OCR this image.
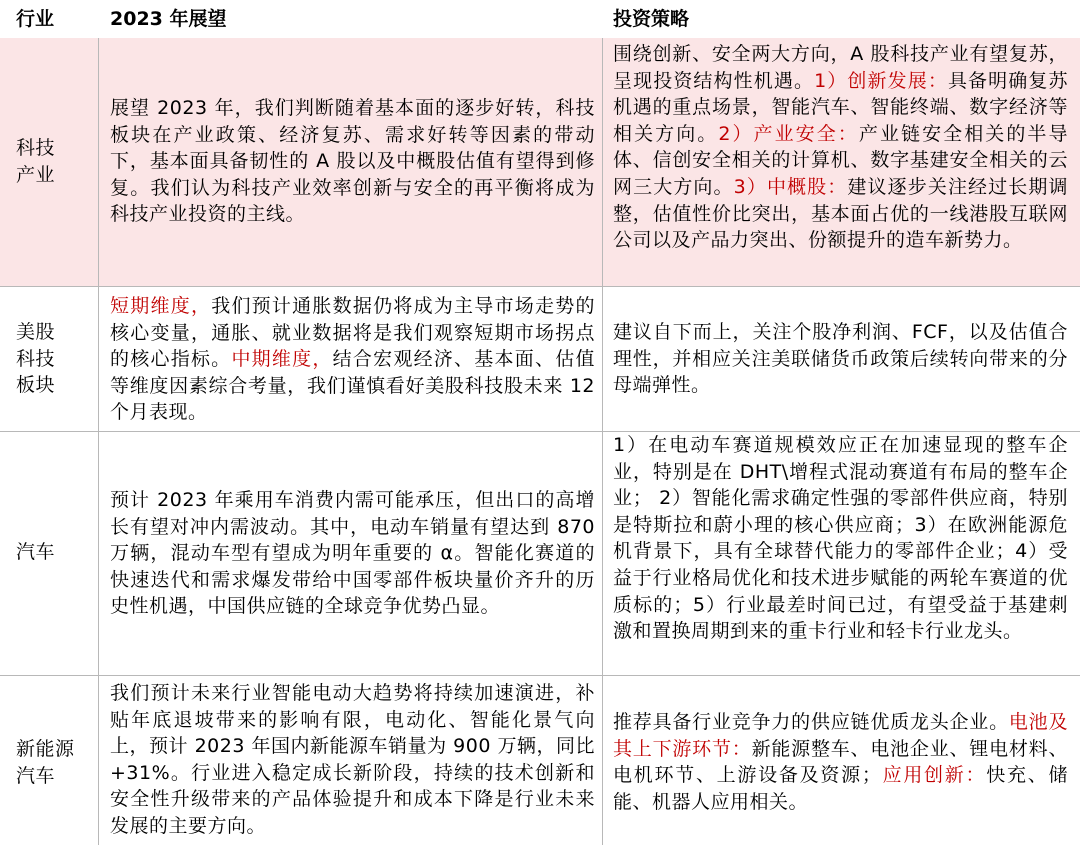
行业	2023 年展望	投资策略
科技
产业
展望 2023 年，我们判断随着基本面的逐步好转，科技板块在产业政策、经济复苏、需求好转等因素的带动下，基本面具备韧性的 A 股以及中概股估值有望得到修复。我们认为科技产业效率创新与安全的再平衡将成为科技产业投资的主线。
围绕创新、安全两大方向，A 股科技产业有望复苏，呈现投资结构性机遇。1）创新发展：具备明确复苏机遇的重点场景，智能汽车、智能终端、数字经济等相关方向。2）产业安全：产业链安全相关的半导体、信创安全相关的计算机、数字基建安全相关的云网三大方向。3）中概股：建议逐步关注经过长期调整，估值性价比突出，基本面占优的一线港股互联网公司以及产品力突出、份额提升的造车新势力。
美股
科技
板块
短期维度，我们预计通胀数据仍将成为主导市场走势的核心变量，通胀、就业数据将是我们观察短期市场拐点的核心指标。中期维度，结合宏观经济、基本面、估值等维度因素综合考量，我们谨慎看好美股科技股未来 12 个月表现。
建议自下而上，关注个股净利润、FCF，以及估值合理性，并相应关注美联储货币政策后续转向带来的分母端弹性。
汽车
预计 2023 年乘用车消费内需可能承压，但出口的高增长有望对冲内需波动。其中，电动车销量有望达到 870 万辆，混动车型有望成为明年重要的 α。智能化赛道的快速迭代和需求爆发带给中国零部件板块量价齐升的历史性机遇，中国供应链的全球竞争优势凸显。
1）在电动车赛道规模效应正在加速显现的整车企业，特别是在 DHT\增程式混动赛道有布局的整车企业； 2）智能化需求确定性强的零部件供应商，特别是特斯拉和蔚小理的核心供应商；3）在欧洲能源危机背景下，具有全球替代能力的零部件企业；4）受益于行业格局优化和技术进步赋能的两轮车赛道的优质标的；5）行业最差时间已过，有望受益于基建刺激和置换周期到来的重卡行业和轻卡行业龙头。
新能源
汽车
我们预计未来行业智能电动大趋势将持续加速演进，补贴年底退坡带来的影响有限，电动化、智能化景气向上，预计 2023 年国内新能源车销量为 900 万辆，同比+31%。行业进入稳定成长新阶段，持续的技术创新和安全性升级带来的产品体验提升和成本下降是行业未来发展的主要方向。
推荐具备行业竞争力的供应链优质龙头企业。电池及其上下游环节：新能源整车、电池企业、锂电材料、电机环节、上游设备及资源；应用创新：快充、储能、机器人应用相关。
